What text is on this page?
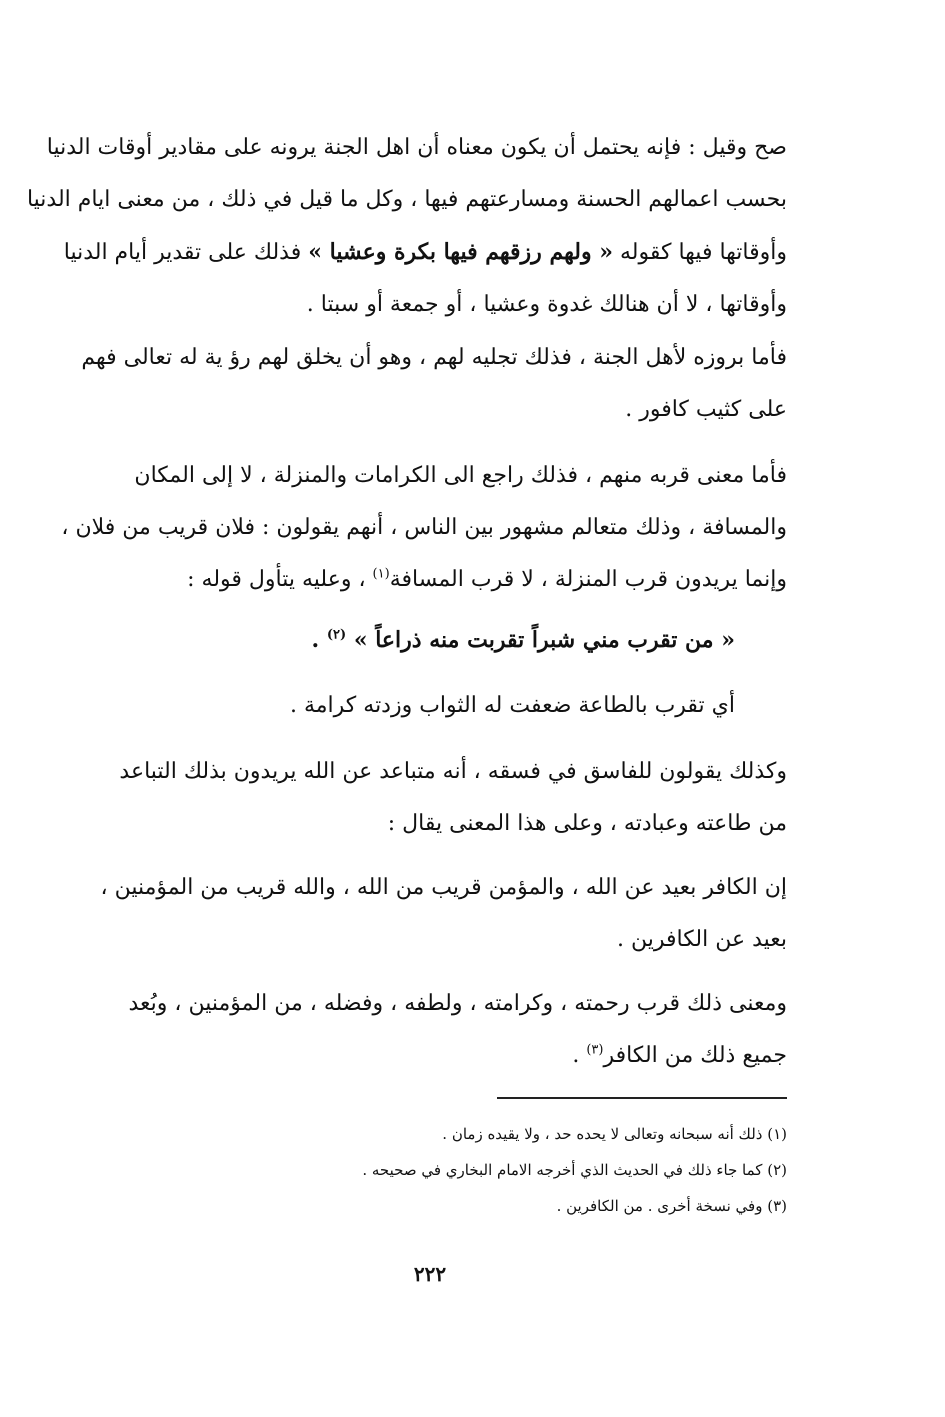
صح وقيل : فإنه يحتمل أن يكون معناه أن اهل الجنة يرونه على مقادير أوقات الدنيا
بحسب اعمالهم الحسنة ومسارعتهم فيها ، وكل ما قيل في ذلك ، من معنى ايام الدنيا
وأوقاتها فيها كقوله « ولهم رزقهم فيها بكرة وعشيا » فذلك على تقدير أيام الدنيا
وأوقاتها ، لا أن هنالك غدوة وعشيا ، أو جمعة أو سبتا .
فأما بروزه لأهل الجنة ، فذلك تجليه لهم ، وهو أن يخلق لهم رؤ ية له تعالى فهم
على كثيب كافور .
فأما معنى قربه منهم ، فذلك راجع الى الكرامات والمنزلة ، لا إلى المكان
والمسافة ، وذلك متعالم مشهور بين الناس ، أنهم يقولون : فلان قريب من فلان ،
وإنما يريدون قرب المنزلة ، لا قرب المسافة$^{(١)}$ ، وعليه يتأول قوله :
« من تقرب مني شبراً تقربت منه ذراعاً » $^{(٢)}$ .
أي تقرب بالطاعة ضعفت له الثواب وزدته كرامة .
وكذلك يقولون للفاسق في فسقه ، أنه متباعد عن الله يريدون بذلك التباعد
من طاعته وعبادته ، وعلى هذا المعنى يقال :
إن الكافر بعيد عن الله ، والمؤمن قريب من الله ، والله قريب من المؤمنين ،
بعيد عن الكافرين .
ومعنى ذلك قرب رحمته ، وكرامته ، ولطفه ، وفضله ، من المؤمنين ، وبُعد
جميع ذلك من الكافر$^{(٣)}$ .
(١) ذلك أنه سبحانه وتعالى لا يحده حد ، ولا يقيده زمان .
(٢) كما جاء ذلك في الحديث الذي أخرجه الامام البخاري في صحيحه .
(٣) وفي نسخة أخرى . من الكافرين .
٢٢٢
